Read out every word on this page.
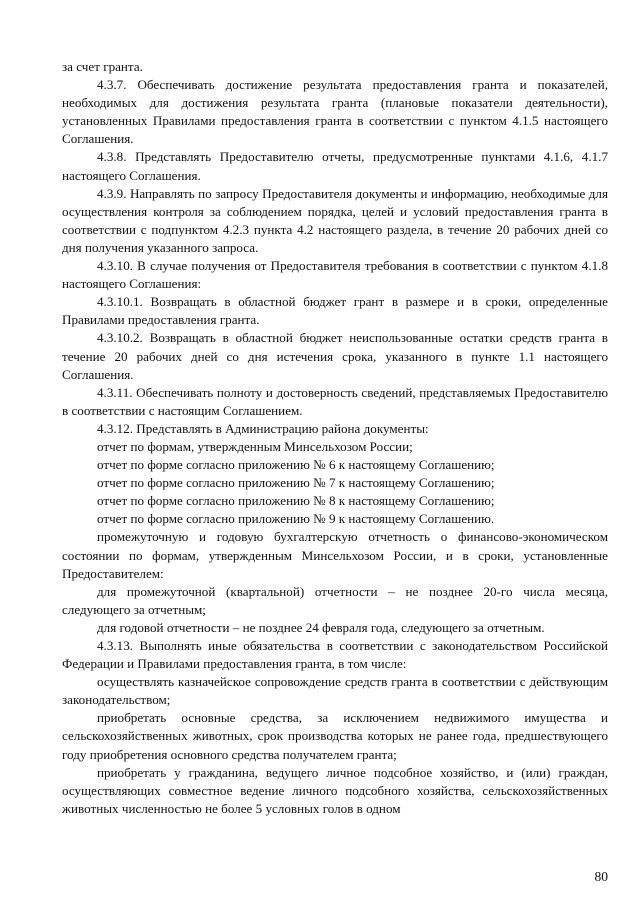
за счет гранта.

4.3.7. Обеспечивать достижение результата предоставления гранта и показателей, необходимых для достижения результата гранта (плановые показатели деятельности), установленных Правилами предоставления гранта в соответствии с пунктом 4.1.5 настоящего Соглашения.

4.3.8. Представлять Предоставителю отчеты, предусмотренные пунктами 4.1.6, 4.1.7 настоящего Соглашения.

4.3.9. Направлять по запросу Предоставителя документы и информацию, необходимые для осуществления контроля за соблюдением порядка, целей и условий предоставления гранта в соответствии с подпунктом 4.2.3 пункта 4.2 настоящего раздела, в течение 20 рабочих дней со дня получения указанного запроса.

4.3.10. В случае получения от Предоставителя требования в соответствии с пунктом 4.1.8 настоящего Соглашения:

4.3.10.1. Возвращать в областной бюджет грант в размере и в сроки, определенные Правилами предоставления гранта.

4.3.10.2. Возвращать в областной бюджет неиспользованные остатки средств гранта в течение 20 рабочих дней со дня истечения срока, указанного в пункте 1.1 настоящего Соглашения.

4.3.11. Обеспечивать полноту и достоверность сведений, представляемых Предоставителю в соответствии с настоящим Соглашением.

4.3.12. Представлять в Администрацию района документы:

отчет по формам, утвержденным Минсельхозом России;

отчет по форме согласно приложению № 6 к настоящему Соглашению;

отчет по форме согласно приложению № 7 к настоящему Соглашению;

отчет по форме согласно приложению № 8 к настоящему Соглашению;

отчет по форме согласно приложению № 9 к настоящему Соглашению.

промежуточную и годовую бухгалтерскую отчетность о финансово-экономическом состоянии по формам, утвержденным Минсельхозом России, и в сроки, установленные Предоставителем:

для промежуточной (квартальной) отчетности – не позднее 20-го числа месяца, следующего за отчетным;

для годовой отчетности – не позднее 24 февраля года, следующего за отчетным.

4.3.13. Выполнять иные обязательства в соответствии с законодательством Российской Федерации и Правилами предоставления гранта, в том числе:

осуществлять казначейское сопровождение средств гранта в соответствии с действующим законодательством;

приобретать основные средства, за исключением недвижимого имущества и сельскохозяйственных животных, срок производства которых не ранее года, предшествующего году приобретения основного средства получателем гранта;

приобретать у гражданина, ведущего личное подсобное хозяйство, и (или) граждан, осуществляющих совместное ведение личного подсобного хозяйства, сельскохозяйственных животных численностью не более 5 условных голов в одном

80
